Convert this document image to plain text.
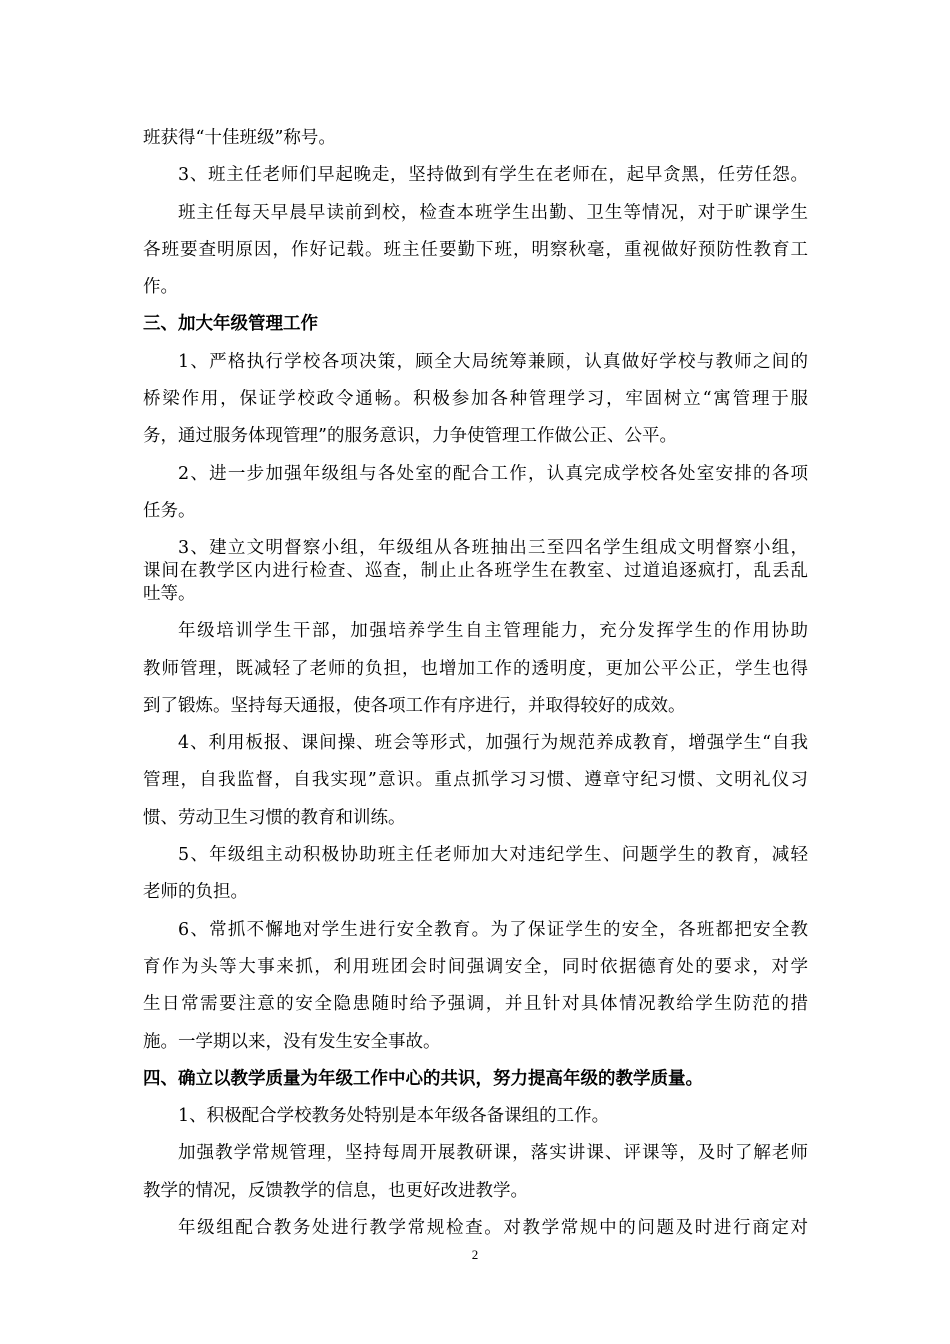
班获得“十佳班级”称号。
3、班主任老师们早起晚走，坚持做到有学生在老师在，起早贪黑，任劳任怨。
班主任每天早晨早读前到校，检查本班学生出勤、卫生等情况，对于旷课学生
各班要查明原因，作好记载。班主任要勤下班，明察秋毫，重视做好预防性教育工
作。
三、加大年级管理工作
1、严格执行学校各项决策，顾全大局统筹兼顾，认真做好学校与教师之间的
桥梁作用，保证学校政令通畅。积极参加各种管理学习，牢固树立“寓管理于服
务，通过服务体现管理”的服务意识，力争使管理工作做公正、公平。
2、进一步加强年级组与各处室的配合工作，认真完成学校各处室安排的各项
任务。
3、建立文明督察小组，年级组从各班抽出三至四名学生组成文明督察小组，
课间在教学区内进行检查、巡查，制止止各班学生在教室、过道追逐疯打，乱丢乱
吐等。
年级培训学生干部，加强培养学生自主管理能力，充分发挥学生的作用协助
教师管理，既减轻了老师的负担，也增加工作的透明度，更加公平公正，学生也得
到了锻炼。坚持每天通报，使各项工作有序进行，并取得较好的成效。
4、利用板报、课间操、班会等形式，加强行为规范养成教育，增强学生“自我
管理，自我监督，自我实现”意识。重点抓学习习惯、遵章守纪习惯、文明礼仪习
惯、劳动卫生习惯的教育和训练。
5、年级组主动积极协助班主任老师加大对违纪学生、问题学生的教育，减轻
老师的负担。
6、常抓不懈地对学生进行安全教育。为了保证学生的安全，各班都把安全教
育作为头等大事来抓，利用班团会时间强调安全，同时依据德育处的要求，对学
生日常需要注意的安全隐患随时给予强调，并且针对具体情况教给学生防范的措
施。一学期以来，没有发生安全事故。
四、确立以教学质量为年级工作中心的共识，努力提高年级的教学质量。
1、积极配合学校教务处特别是本年级各备课组的工作。
加强教学常规管理，坚持每周开展教研课，落实讲课、评课等，及时了解老师
教学的情况，反馈教学的信息，也更好改进教学。
年级组配合教务处进行教学常规检查。对教学常规中的问题及时进行商定对
2
